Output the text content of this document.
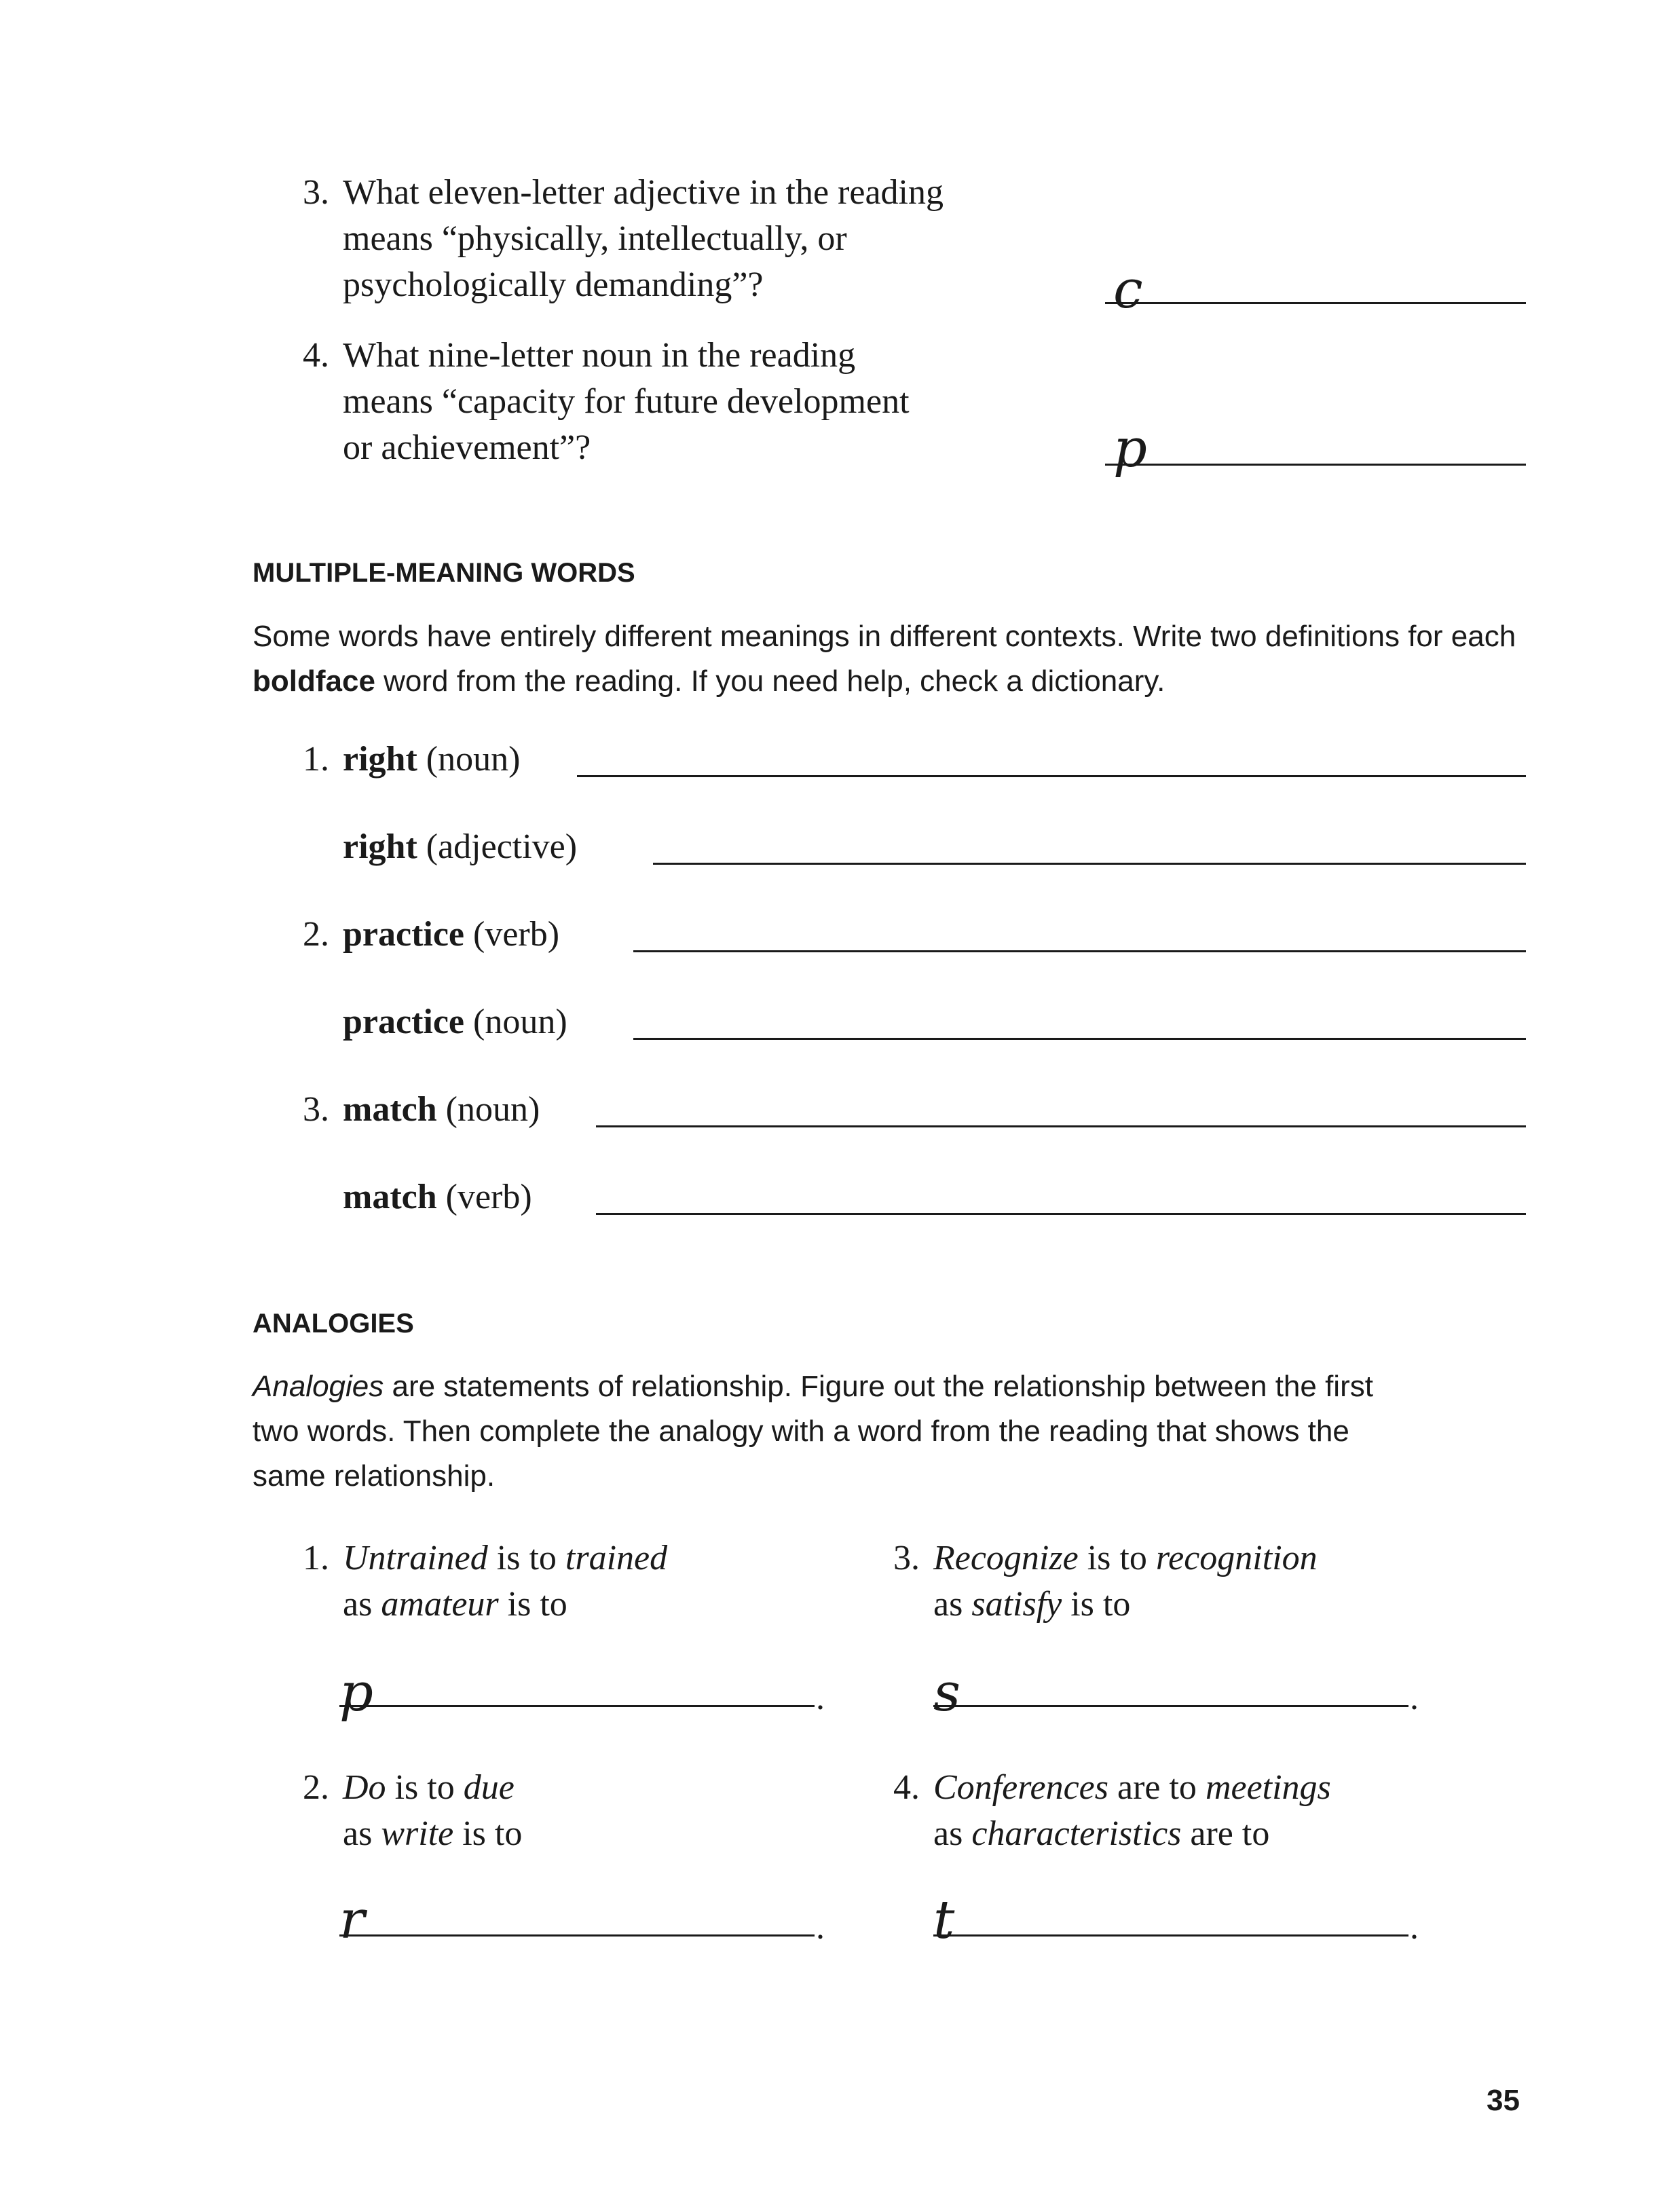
3. What eleven-letter adjective in the reading
means “physically, intellectually, or
psychologically demanding”?	c
4. What nine-letter noun in the reading
means “capacity for future development
or achievement”?	p
MULTIPLE-MEANING WORDS
Some words have entirely different meanings in different contexts. Write two definitions for each boldface word from the reading. If you need help, check a dictionary.
1. right (noun)
right (adjective)
2. practice (verb)
practice (noun)
3. match (noun)
match (verb)
ANALOGIES
Analogies are statements of relationship. Figure out the relationship between the first
two words. Then complete the analogy with a word from the reading that shows the
same relationship.
1. Untrained is to trained
as amateur is to
p	.
3. Recognize is to recognition
as satisfy is to
s	.
2. Do is to due
as write is to
r	.
4. Conferences are to meetings
as characteristics are to
t	.
35
